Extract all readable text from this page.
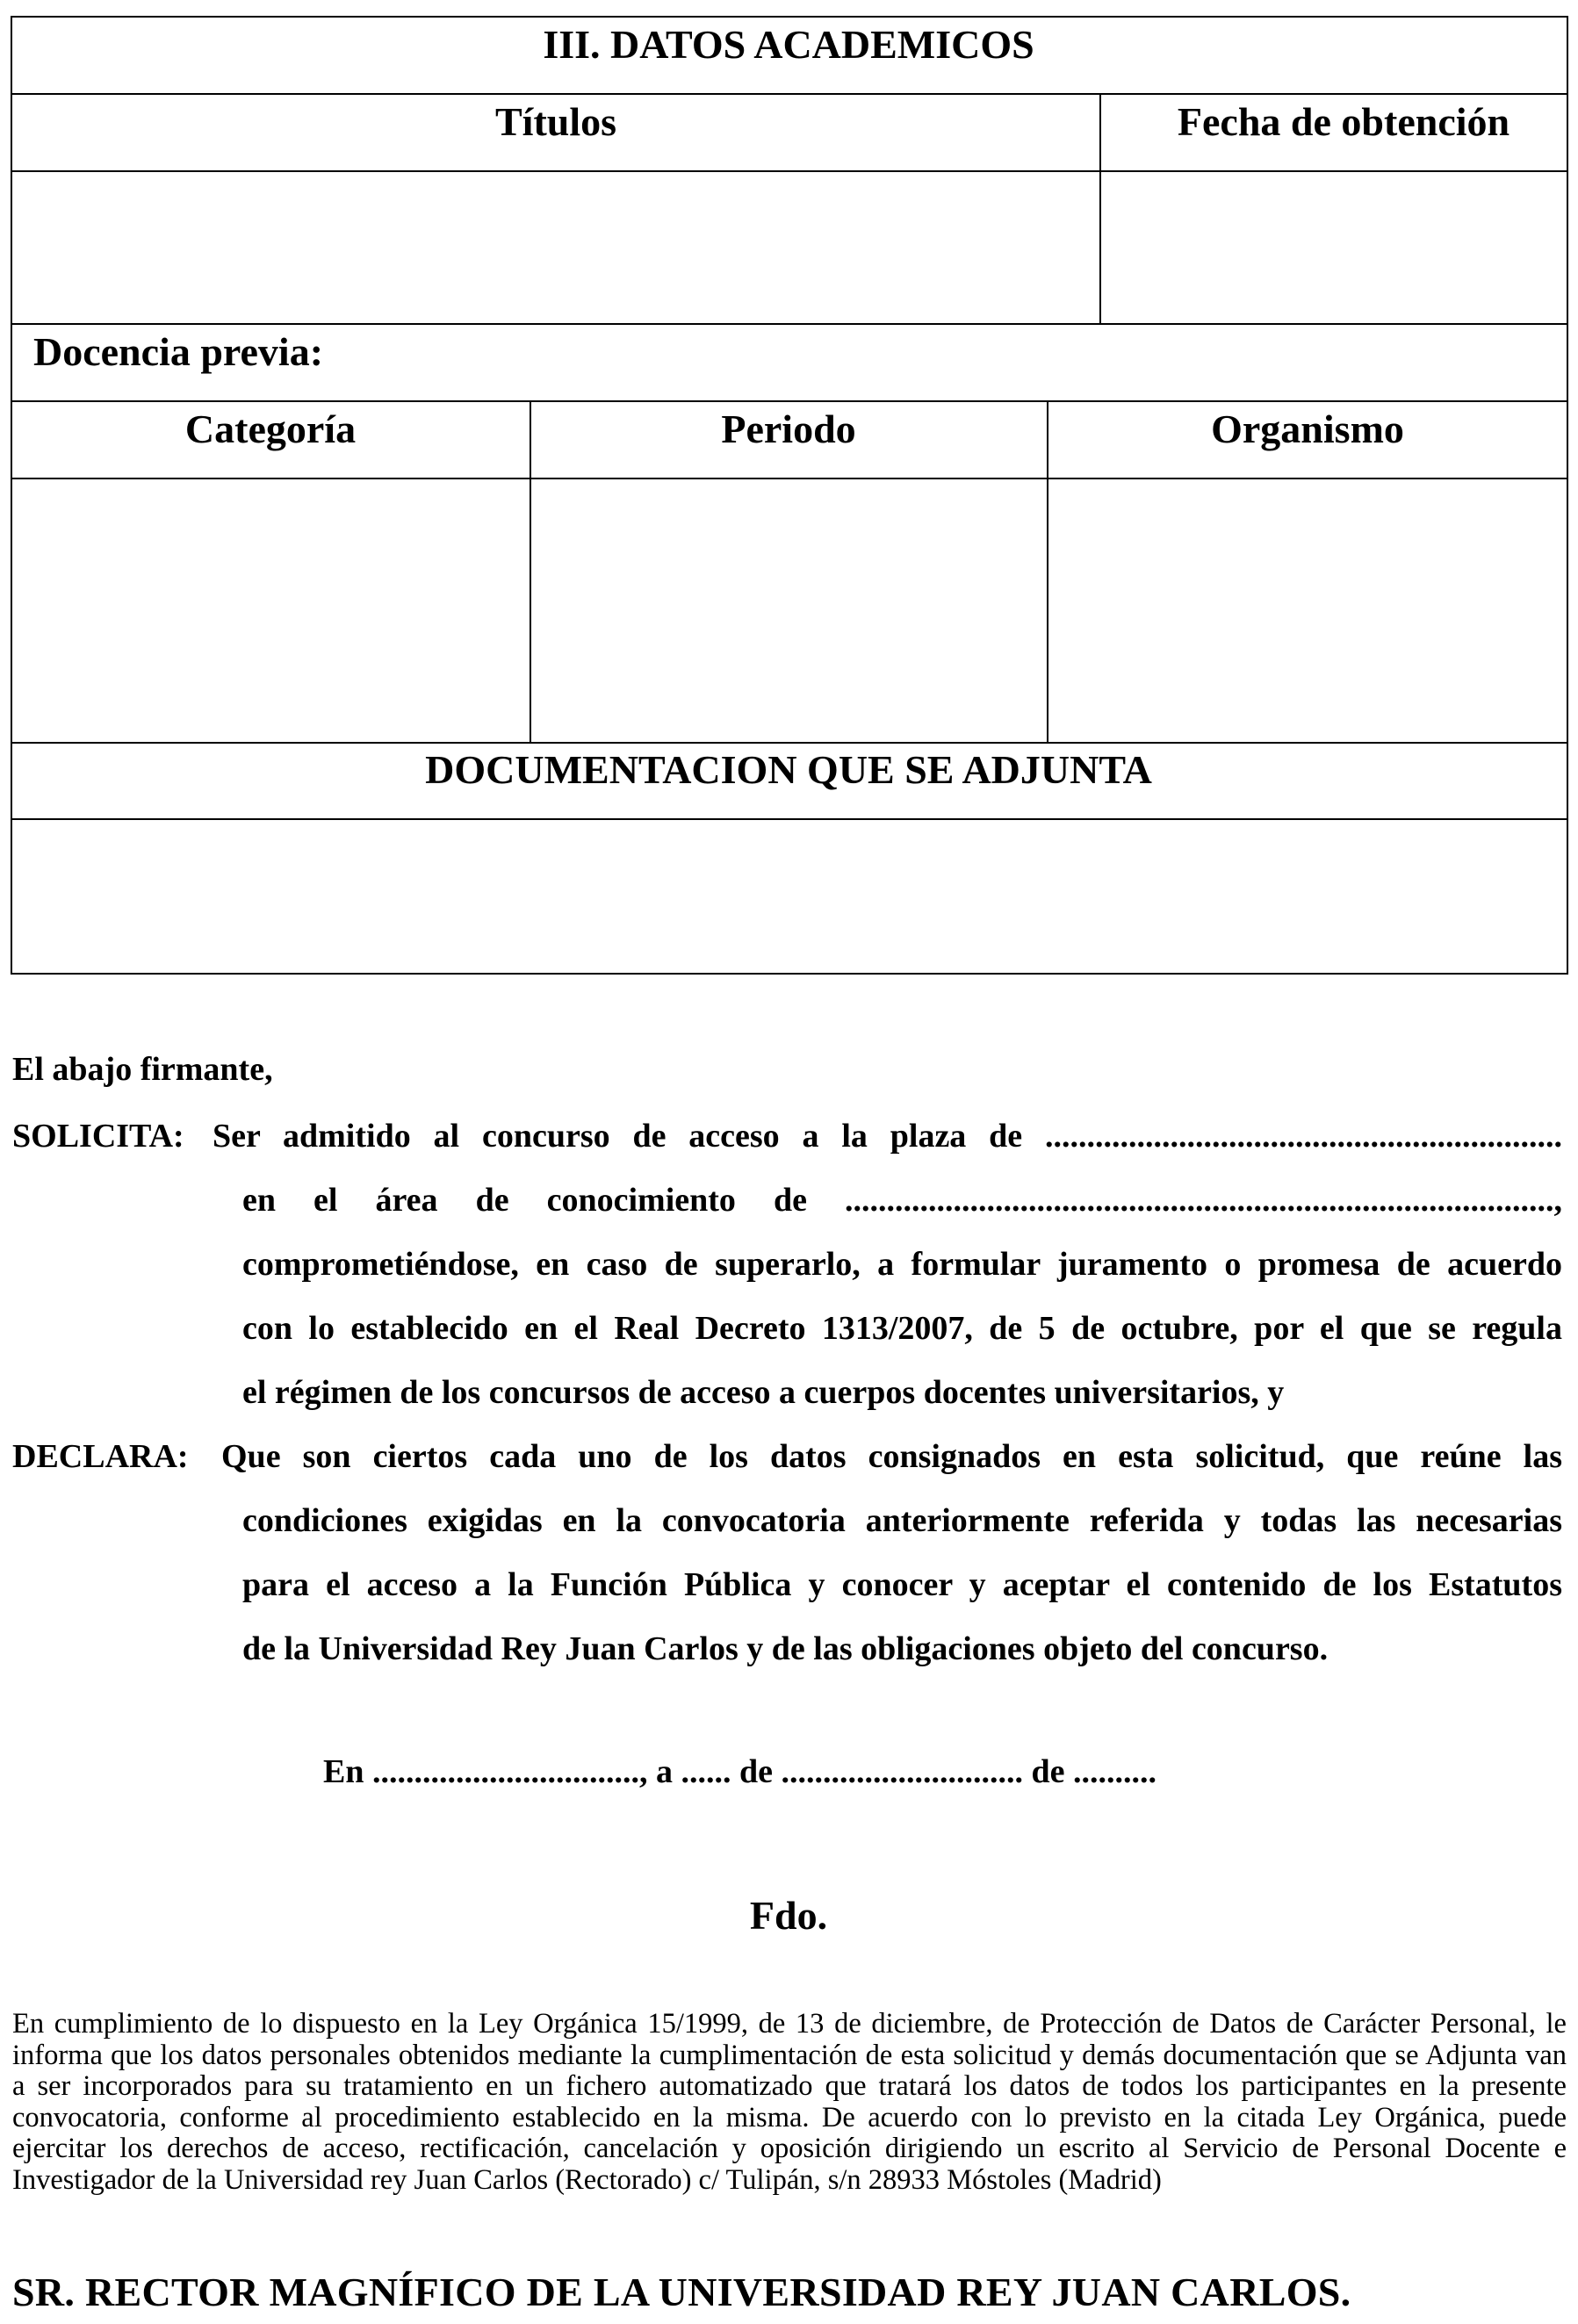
III. DATOS ACADEMICOS
Títulos	Fecha de obtención
Docencia previa:
Categoría	Periodo	Organismo
DOCUMENTACION QUE SE ADJUNTA
El abajo firmante,
SOLICITA: Ser admitido al concurso de acceso a la plaza de ..............................................................
en el área de conocimiento de .....................................................................................,
comprometiéndose, en caso de superarlo, a formular juramento o promesa de acuerdo
con lo establecido en el Real Decreto 1313/2007, de 5 de octubre, por el que se regula
el régimen de los concursos de acceso a cuerpos docentes universitarios, y
DECLARA: Que son ciertos cada uno de los datos consignados en esta solicitud, que reúne las
condiciones exigidas en la convocatoria anteriormente referida y todas las necesarias
para el acceso a la Función Pública y conocer y aceptar el contenido de los Estatutos
de la Universidad Rey Juan Carlos y de las obligaciones objeto del concurso.
En ................................, a ...... de ............................. de ..........
Fdo.

En cumplimiento de lo dispuesto en la Ley Orgánica 15/1999, de 13 de diciembre, de Protección de Datos de Carácter Personal, le informa que los datos personales obtenidos mediante la cumplimentación de esta solicitud y demás documentación que se Adjunta van a ser incorporados para su tratamiento en un fichero automatizado que tratará los datos de todos los participantes en la presente convocatoria, conforme al procedimiento establecido en la misma. De acuerdo con lo previsto en la citada Ley Orgánica, puede ejercitar los derechos de acceso, rectificación, cancelación y oposición dirigiendo un escrito al Servicio de Personal Docente e Investigador de la Universidad rey Juan Carlos (Rectorado) c/ Tulipán, s/n 28933 Móstoles (Madrid)

SR. RECTOR MAGNÍFICO DE LA UNIVERSIDAD REY JUAN CARLOS.
